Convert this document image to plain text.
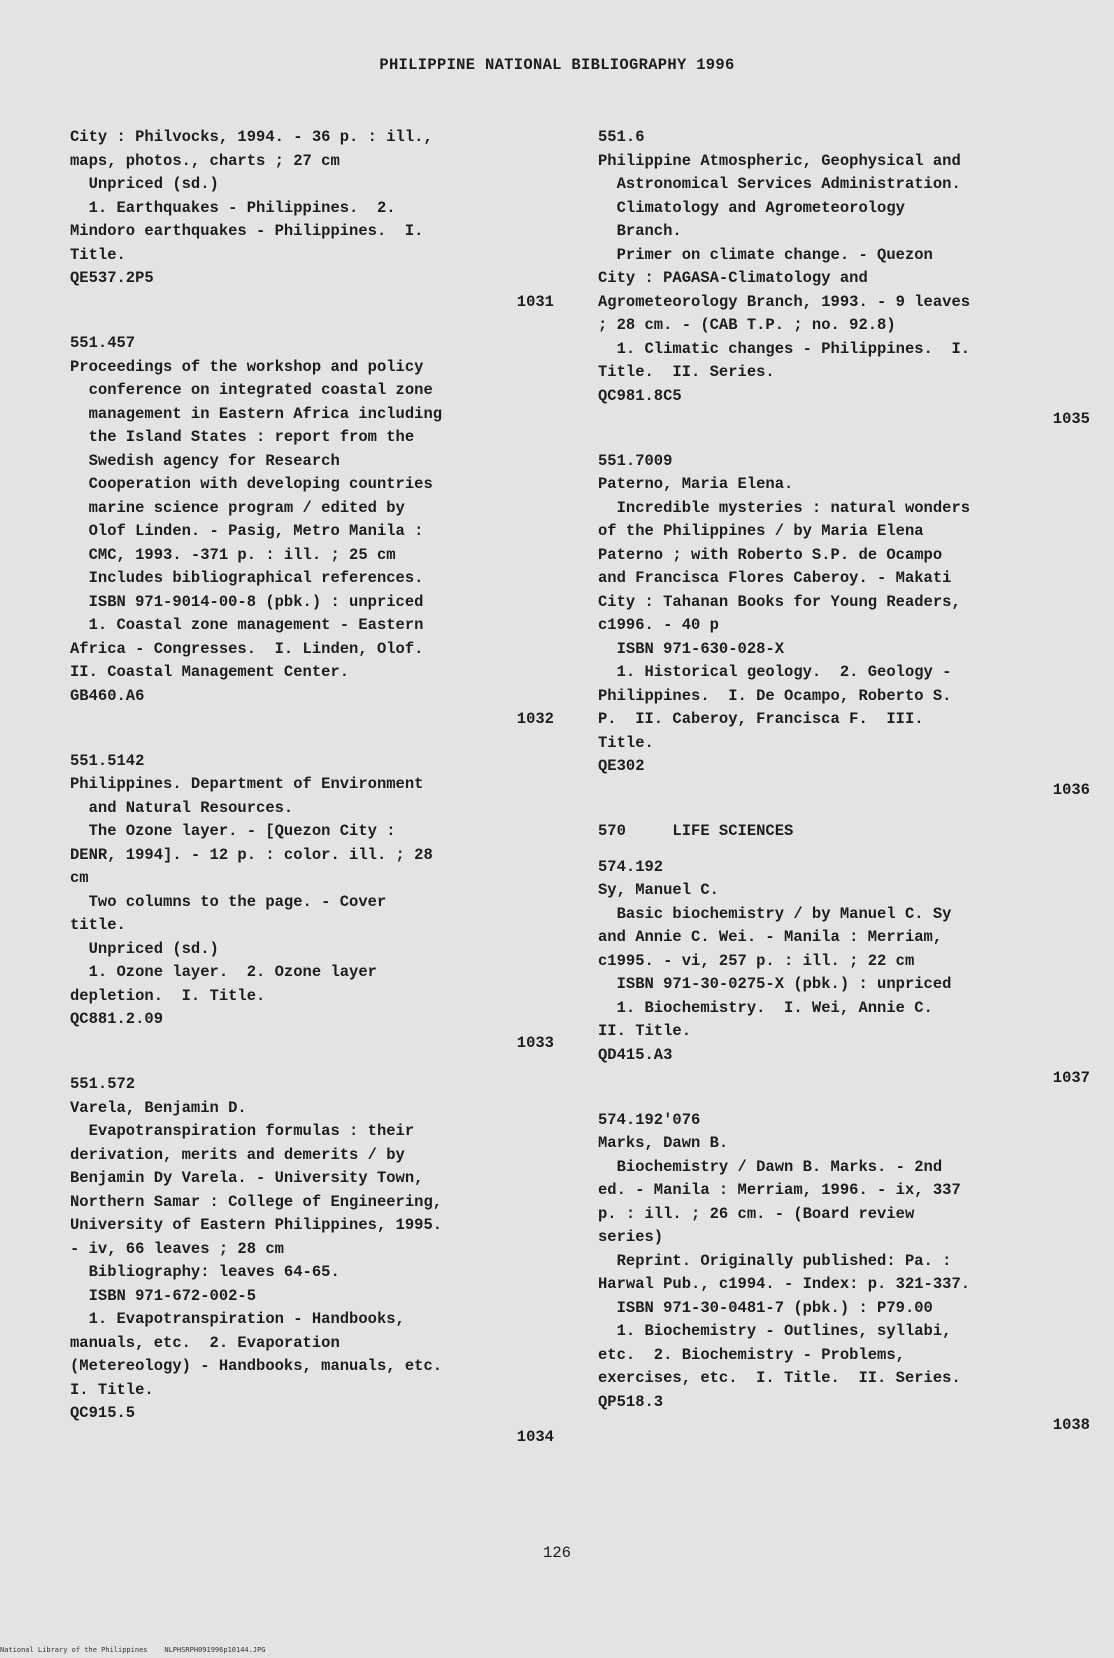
PHILIPPINE NATIONAL BIBLIOGRAPHY 1996
City : Philvocks, 1994. - 36 p. : ill.,
maps, photos., charts ; 27 cm
Unpriced (sd.)
1. Earthquakes - Philippines.  2.
Mindoro earthquakes - Philippines.  I.
Title.
QE537.2P5
1031
551.457
Proceedings of the workshop and policy
conference on integrated coastal zone
management in Eastern Africa including
the Island States : report from the
Swedish agency for Research
Cooperation with developing countries
marine science program / edited by
Olof Linden. - Pasig, Metro Manila :
CMC, 1993. -371 p. : ill. ; 25 cm
Includes bibliographical references.
ISBN 971-9014-00-8 (pbk.) : unpriced
1. Coastal zone management - Eastern
Africa - Congresses.  I. Linden, Olof.
II. Coastal Management Center.
GB460.A6
1032
551.5142
Philippines. Department of Environment
and Natural Resources.
The Ozone layer. - [Quezon City :
DENR, 1994]. - 12 p. : color. ill. ; 28
cm
Two columns to the page. - Cover
title.
Unpriced (sd.)
1. Ozone layer.  2. Ozone layer
depletion.  I. Title.
QC881.2.09
1033
551.572
Varela, Benjamin D.
Evapotranspiration formulas : their
derivation, merits and demerits / by
Benjamin Dy Varela. - University Town,
Northern Samar : College of Engineering,
University of Eastern Philippines, 1995.
- iv, 66 leaves ; 28 cm
Bibliography: leaves 64-65.
ISBN 971-672-002-5
1. Evapotranspiration - Handbooks,
manuals, etc.  2. Evaporation
(Metereology) - Handbooks, manuals, etc.
I. Title.
QC915.5
1034
551.6
Philippine Atmospheric, Geophysical and
Astronomical Services Administration.
Climatology and Agrometeorology
Branch.
Primer on climate change. - Quezon
City : PAGASA-Climatology and
Agrometeorology Branch, 1993. - 9 leaves
; 28 cm. - (CAB T.P. ; no. 92.8)
1. Climatic changes - Philippines.  I.
Title.  II. Series.
QC981.8C5
1035
551.7009
Paterno, Maria Elena.
Incredible mysteries : natural wonders
of the Philippines / by Maria Elena
Paterno ; with Roberto S.P. de Ocampo
and Francisca Flores Caberoy. - Makati
City : Tahanan Books for Young Readers,
c1996. - 40 p
ISBN 971-630-028-X
1. Historical geology.  2. Geology -
Philippines.  I. De Ocampo, Roberto S.
P.  II. Caberoy, Francisca F.  III.
Title.
QE302
1036
570     LIFE SCIENCES
574.192
Sy, Manuel C.
Basic biochemistry / by Manuel C. Sy
and Annie C. Wei. - Manila : Merriam,
c1995. - vi, 257 p. : ill. ; 22 cm
ISBN 971-30-0275-X (pbk.) : unpriced
1. Biochemistry.  I. Wei, Annie C.
II. Title.
QD415.A3
1037
574.192'076
Marks, Dawn B.
Biochemistry / Dawn B. Marks. - 2nd
ed. - Manila : Merriam, 1996. - ix, 337
p. : ill. ; 26 cm. - (Board review
series)
Reprint. Originally published: Pa. :
Harwal Pub., c1994. - Index: p. 321-337.
ISBN 971-30-0481-7 (pbk.) : P79.00
1. Biochemistry - Outlines, syllabi,
etc.  2. Biochemistry - Problems,
exercises, etc.  I. Title.  II. Series.
QP518.3
1038
126
National Library of the Philippines    NLPHSRPH091996p10144.JPG
